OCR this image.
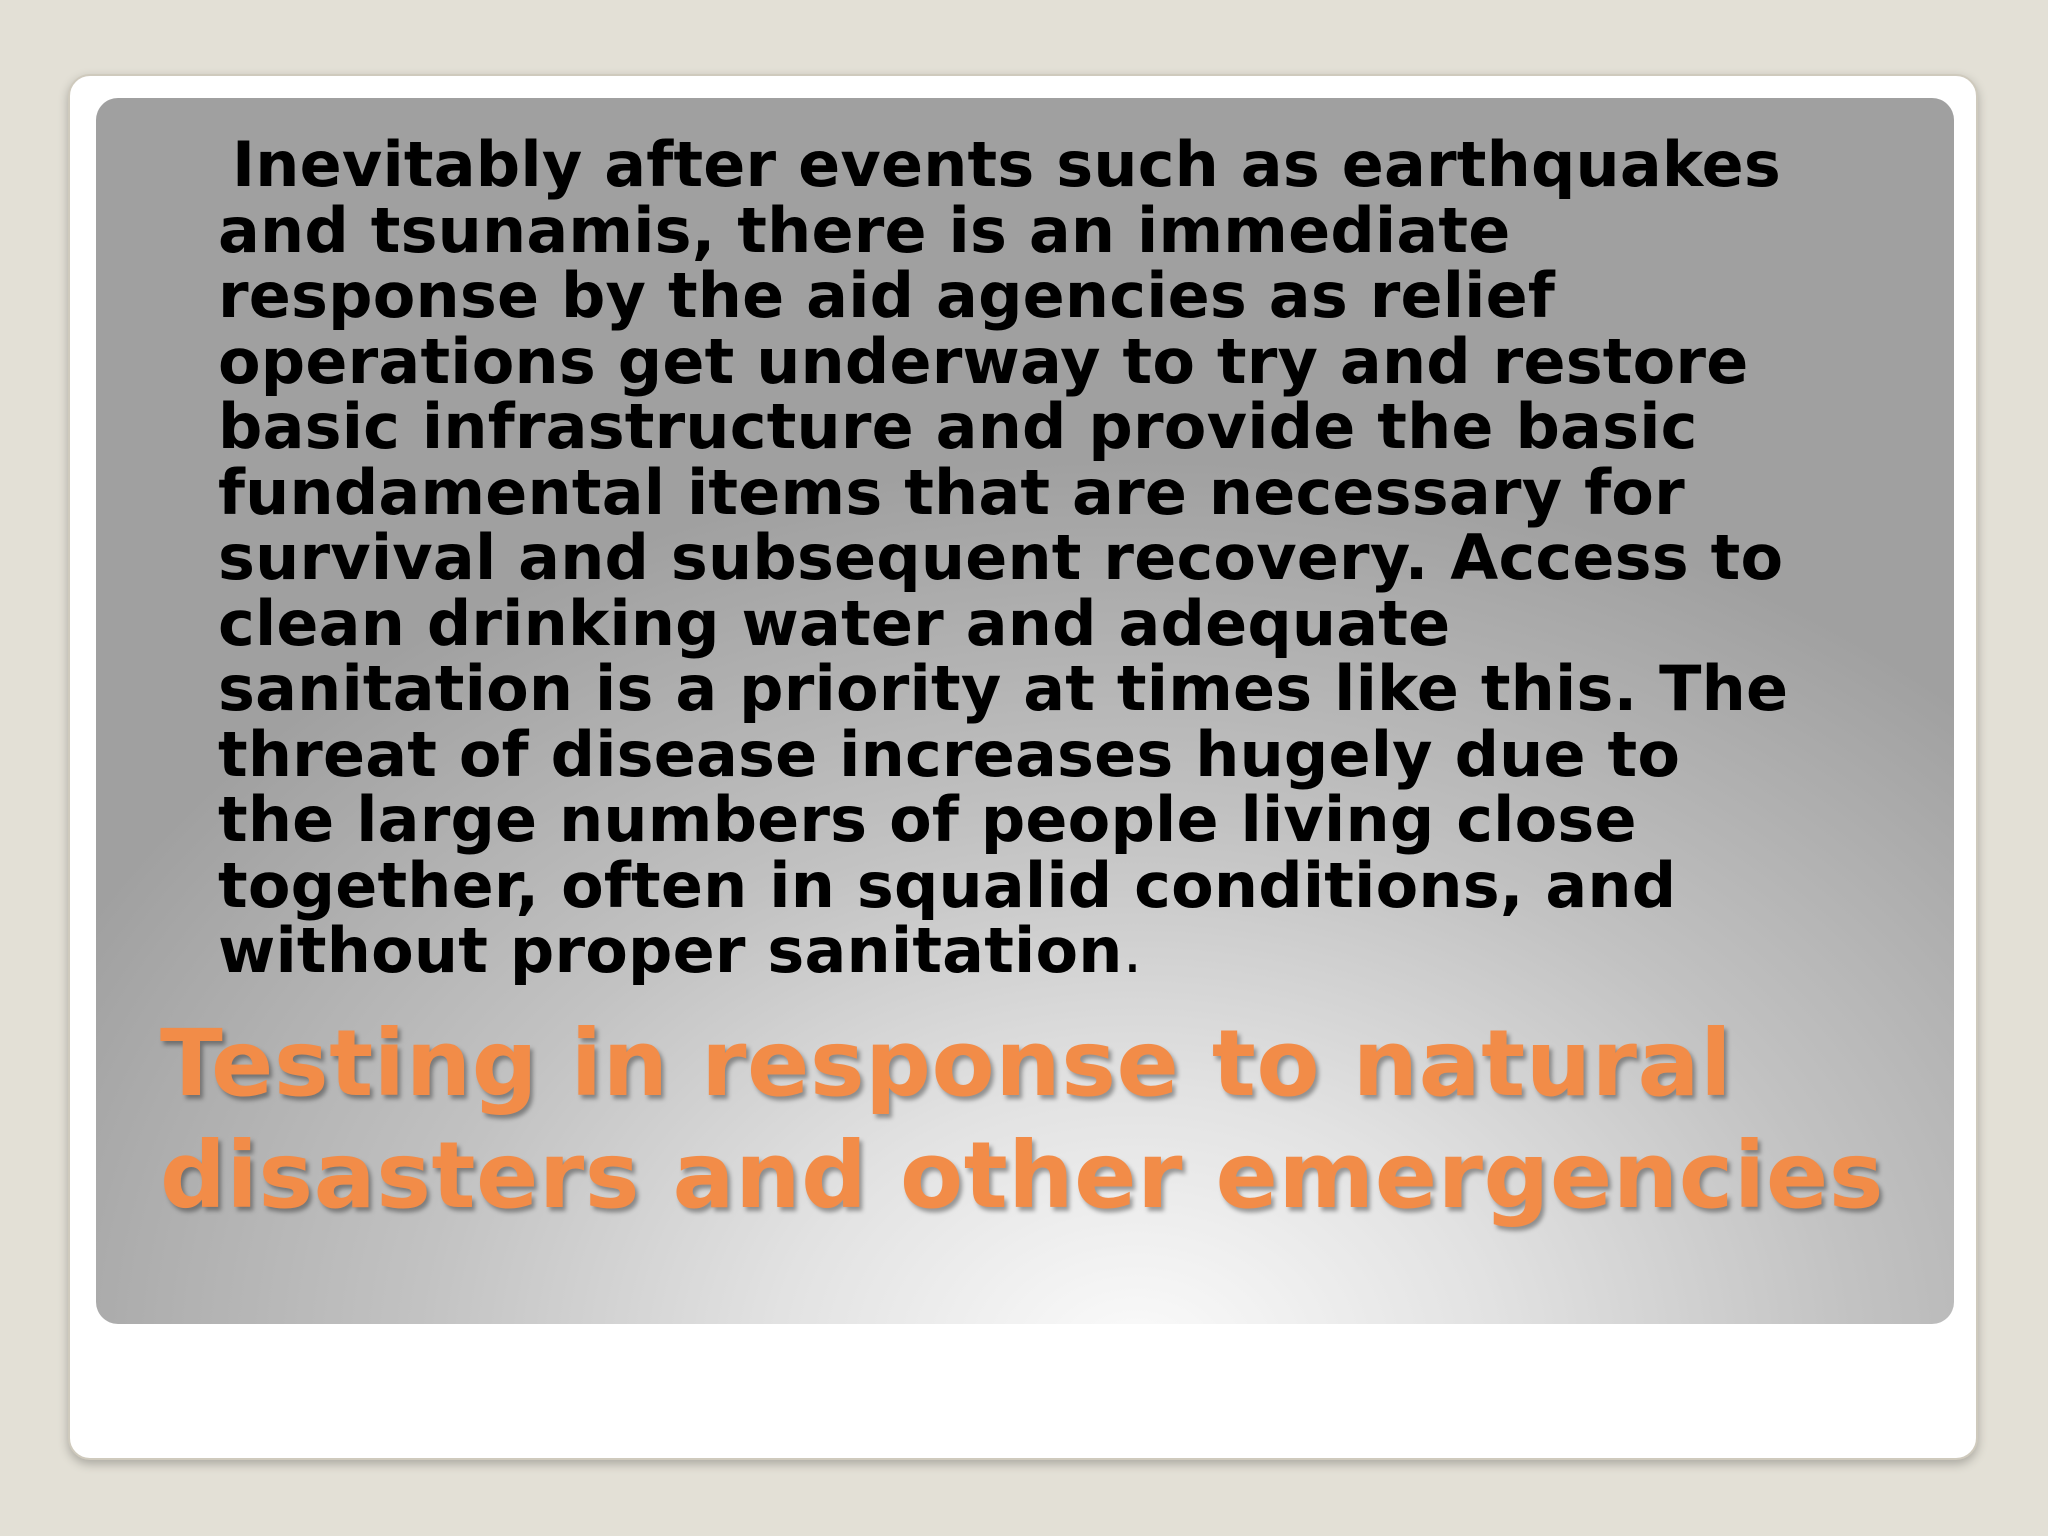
Inevitably after events such as earthquakes
and tsunamis, there is an immediate
response by the aid agencies as relief
operations get underway to try and restore
basic infrastructure and provide the basic
fundamental items that are necessary for
survival and subsequent recovery. Access to
clean drinking water and adequate
sanitation is a priority at times like this. The
threat of disease increases hugely due to
the large numbers of people living close
together, often in squalid conditions, and
without proper sanitation.

Testing in response to natural
disasters and other emergencies
